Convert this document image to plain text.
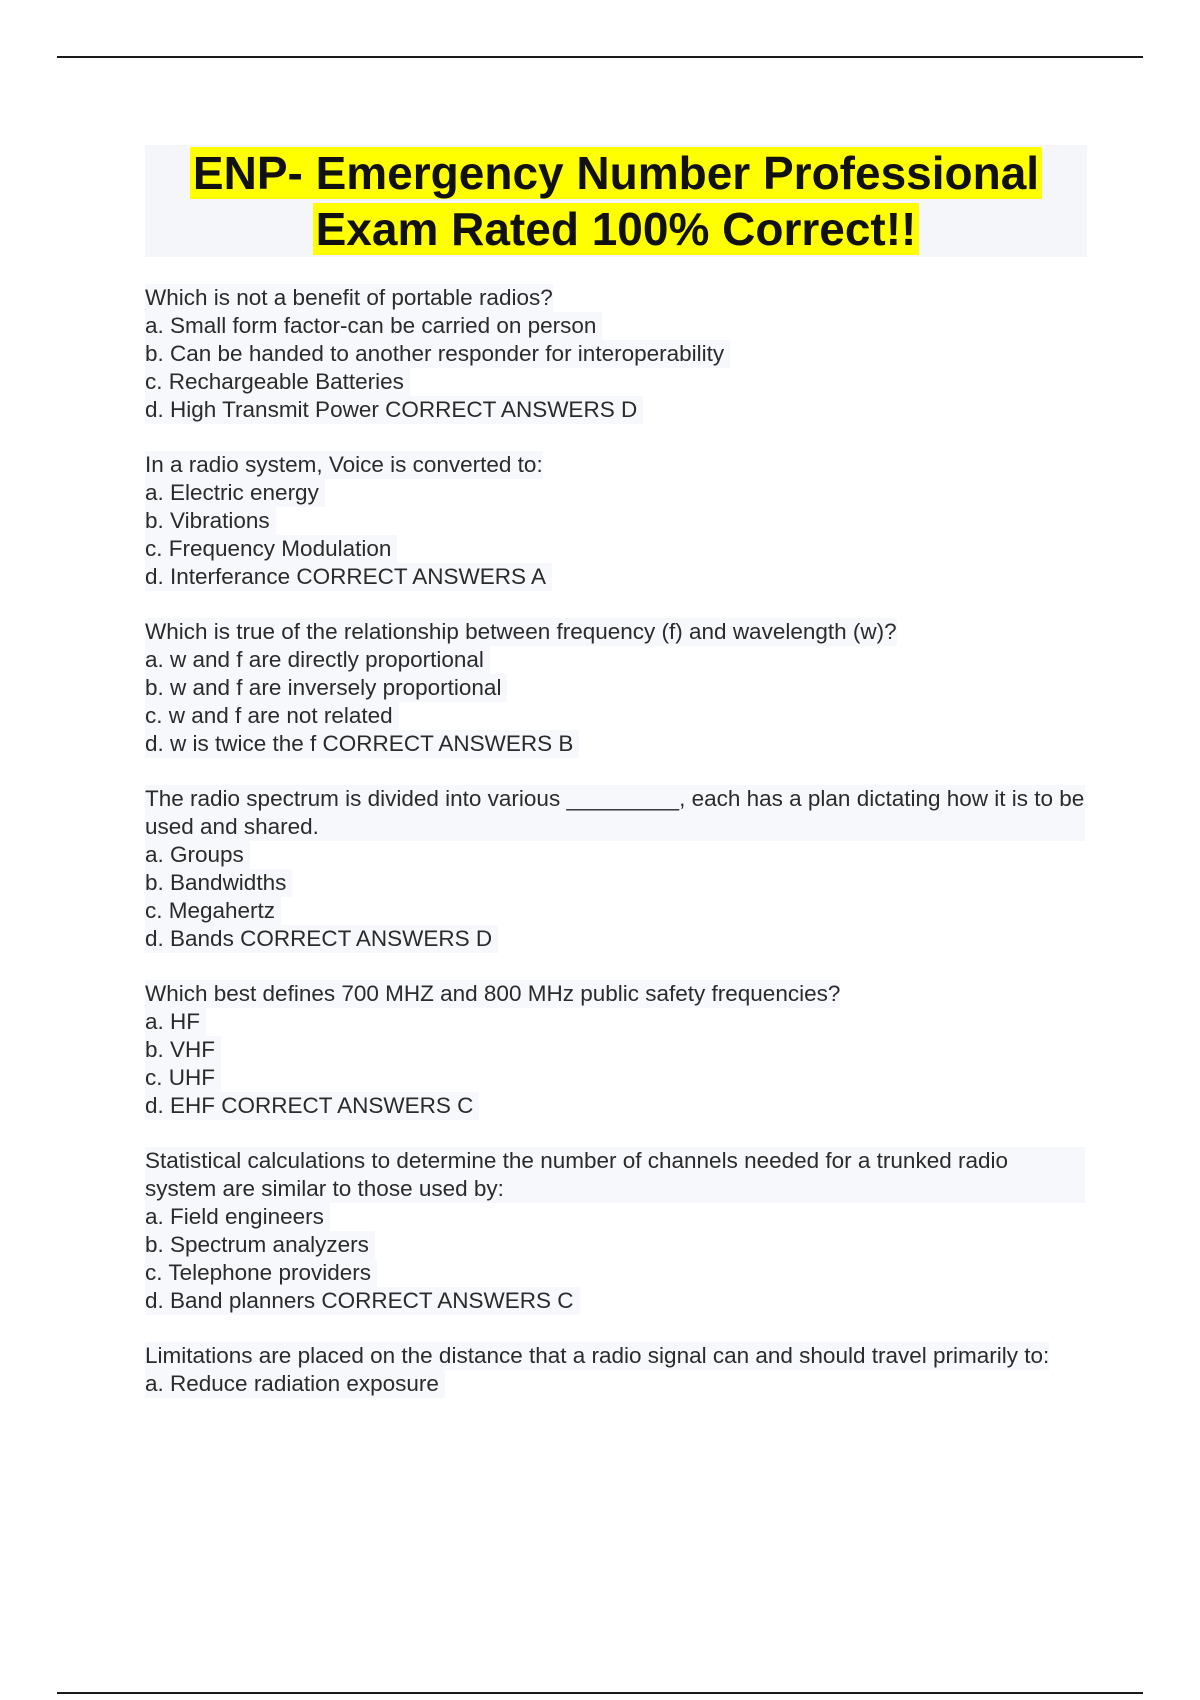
ENP- Emergency Number Professional
Exam Rated 100% Correct!!
Which is not a benefit of portable radios?
a. Small form factor-can be carried on person
b. Can be handed to another responder for interoperability
c. Rechargeable Batteries
d. High Transmit Power CORRECT ANSWERS D
In a radio system, Voice is converted to:
a. Electric energy
b. Vibrations
c. Frequency Modulation
d. Interferance CORRECT ANSWERS A
Which is true of the relationship between frequency (f) and wavelength (w)?
a. w and f are directly proportional
b. w and f are inversely proportional
c. w and f are not related
d. w is twice the f CORRECT ANSWERS B
The radio spectrum is divided into various _________, each has a plan dictating how it is to be used and shared.
a. Groups
b. Bandwidths
c. Megahertz
d. Bands CORRECT ANSWERS D
Which best defines 700 MHZ and 800 MHz public safety frequencies?
a. HF
b. VHF
c. UHF
d. EHF CORRECT ANSWERS C
Statistical calculations to determine the number of channels needed for a trunked radio system are similar to those used by:
a. Field engineers
b. Spectrum analyzers
c. Telephone providers
d. Band planners CORRECT ANSWERS C
Limitations are placed on the distance that a radio signal can and should travel primarily to:
a. Reduce radiation exposure
